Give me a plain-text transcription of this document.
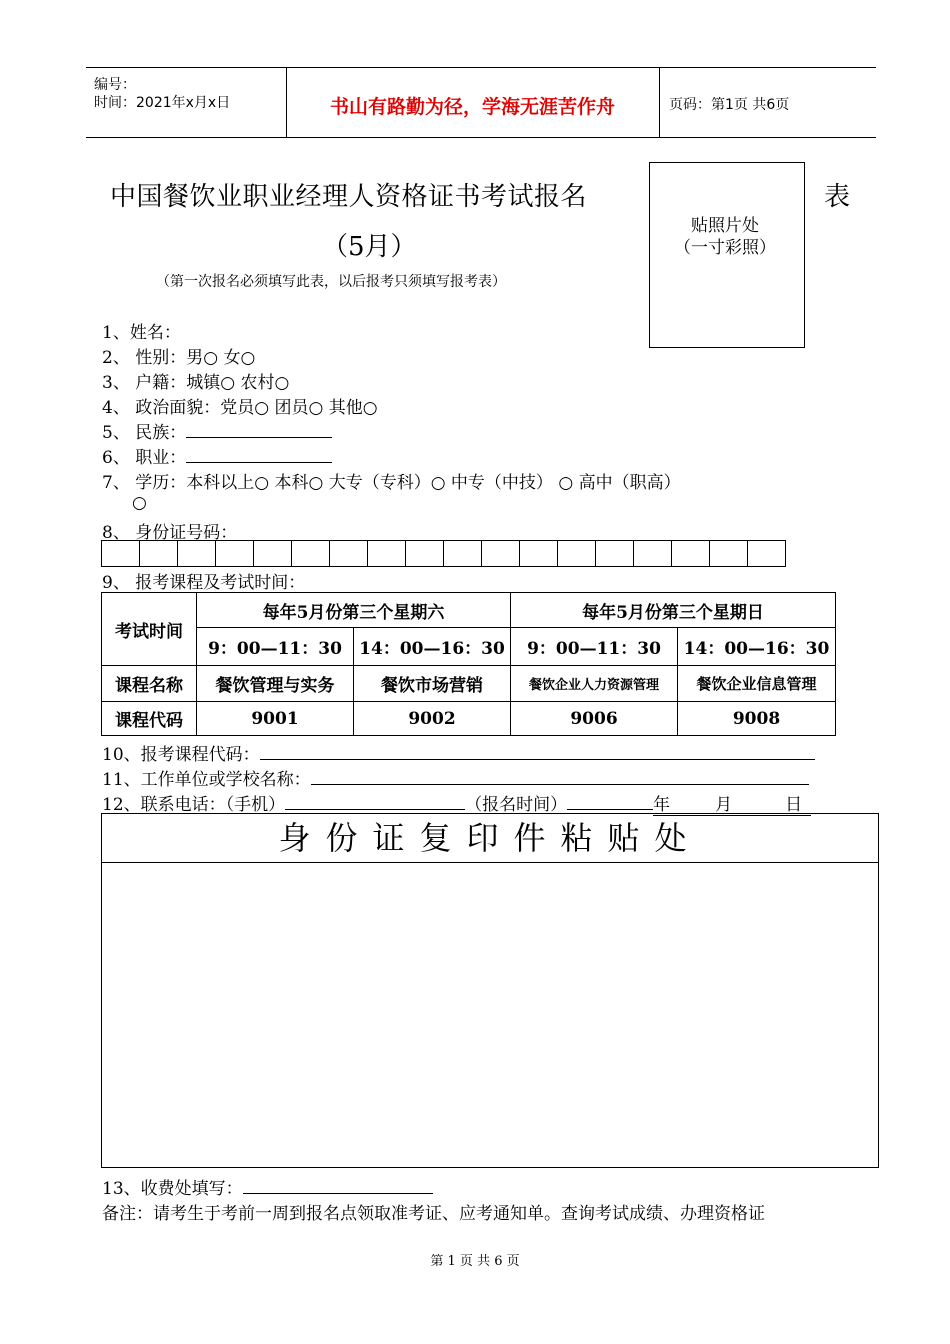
编号：
时间：2021年x月x日	书山有路勤为径，学海无涯苦作舟	页码：第1页 共6页
中国餐饮业职业经理人资格证书考试报名	表
（5月）
（第一次报名必须填写此表，以后报考只须填写报考表）
贴照片处
（一寸彩照）
1、姓名：
2、 性别：男○ 女○
3、 户籍：城镇○ 农村○
4、 政治面貌：党员○ 团员○ 其他○
5、 民族：
6、 职业：
7、 学历：本科以上○ 本科○ 大专（专科）○ 中专（中技） ○ 高中（职高）
○
8、 身份证号码：
9、 报考课程及考试时间：
考试时间	每年5月份第三个星期六		每年5月份第三个星期日	
	9：00—11：30	14：00—16：30	9：00—11：30	14：00—16：30
课程名称	餐饮管理与实务	餐饮市场营销	餐饮企业人力资源管理	餐饮企业信息管理
课程代码	9001	9002	9006	9008
10、报考课程代码：
11、工作单位或学校名称：
12、联系电话：（手机）	（报名时间）	年	月	日
身份证复印件粘贴处
13、收费处填写：
备注：请考生于考前一周到报名点领取准考证、应考通知单。查询考试成绩、办理资格证
第 1 页 共 6 页
